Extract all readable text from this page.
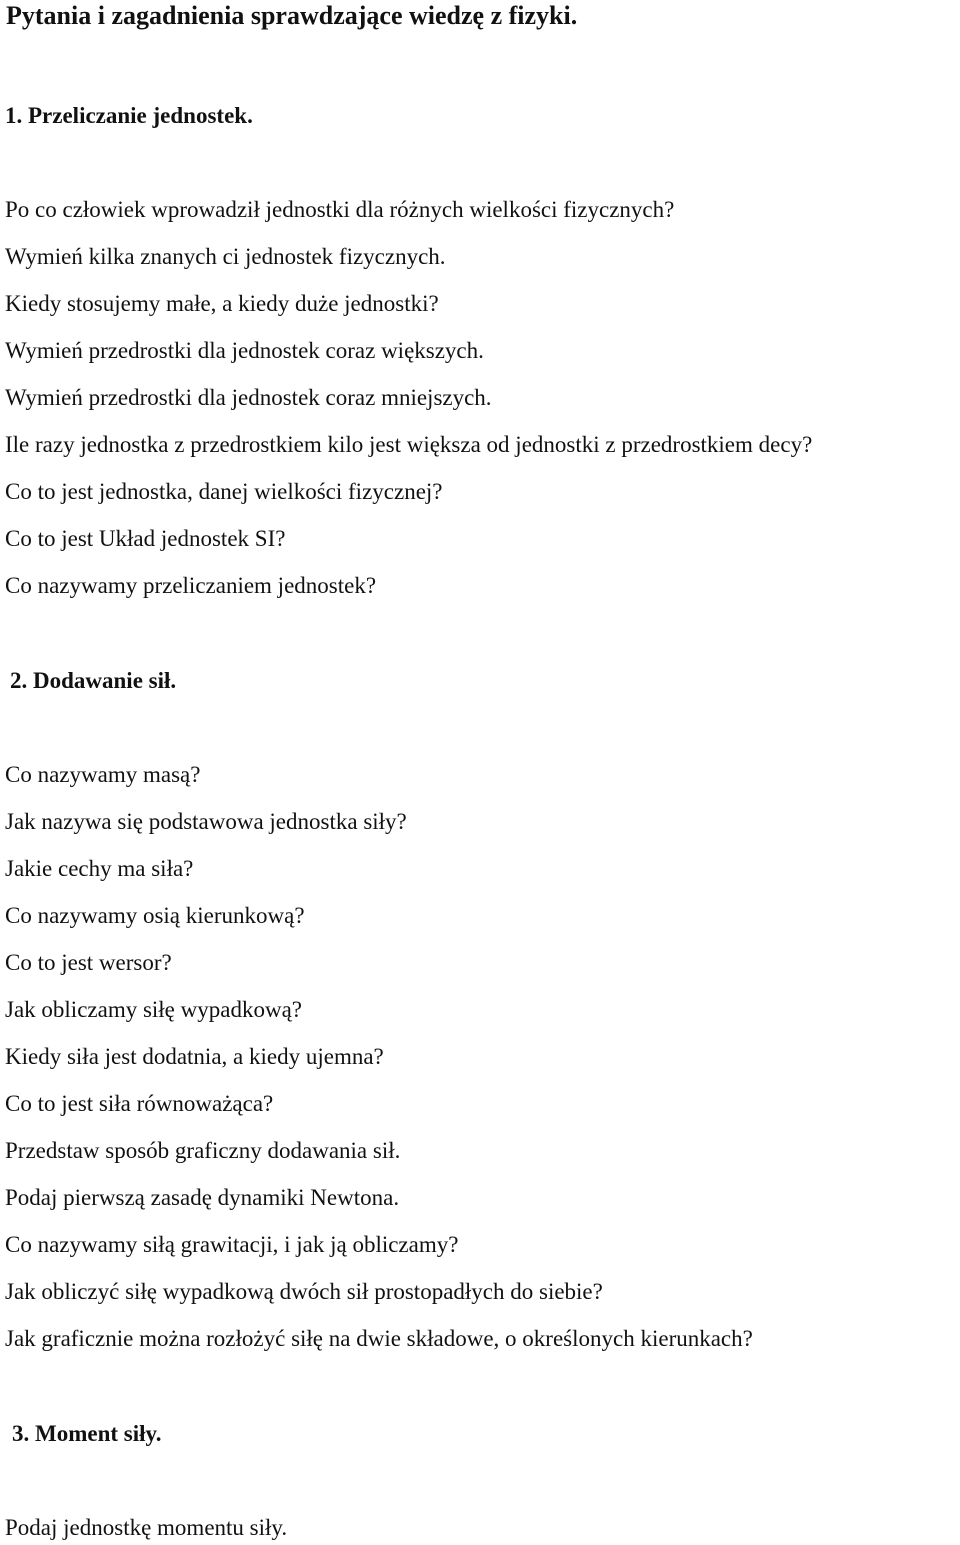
Pytania i zagadnienia sprawdzające wiedzę z fizyki.
1. Przeliczanie jednostek.
Po co człowiek wprowadził jednostki dla różnych wielkości fizycznych?
Wymień kilka znanych ci jednostek fizycznych.
Kiedy stosujemy małe, a kiedy duże jednostki?
Wymień przedrostki dla jednostek coraz większych.
Wymień przedrostki dla jednostek coraz mniejszych.
Ile razy jednostka z przedrostkiem kilo jest większa od jednostki z przedrostkiem decy?
Co to jest jednostka, danej wielkości fizycznej?
Co to jest Układ jednostek SI?
Co nazywamy przeliczaniem jednostek?
2. Dodawanie sił.
Co nazywamy masą?
Jak nazywa się podstawowa jednostka siły?
Jakie cechy ma siła?
Co nazywamy osią kierunkową?
Co to jest wersor?
Jak obliczamy siłę wypadkową?
Kiedy siła jest dodatnia, a kiedy ujemna?
Co to jest siła równoważąca?
Przedstaw sposób graficzny dodawania sił.
Podaj pierwszą zasadę dynamiki Newtona.
Co nazywamy siłą grawitacji, i jak ją obliczamy?
Jak obliczyć siłę wypadkową dwóch sił prostopadłych do siebie?
Jak graficznie można rozłożyć siłę na dwie składowe, o określonych kierunkach?
3. Moment siły.
Podaj jednostkę momentu siły.
